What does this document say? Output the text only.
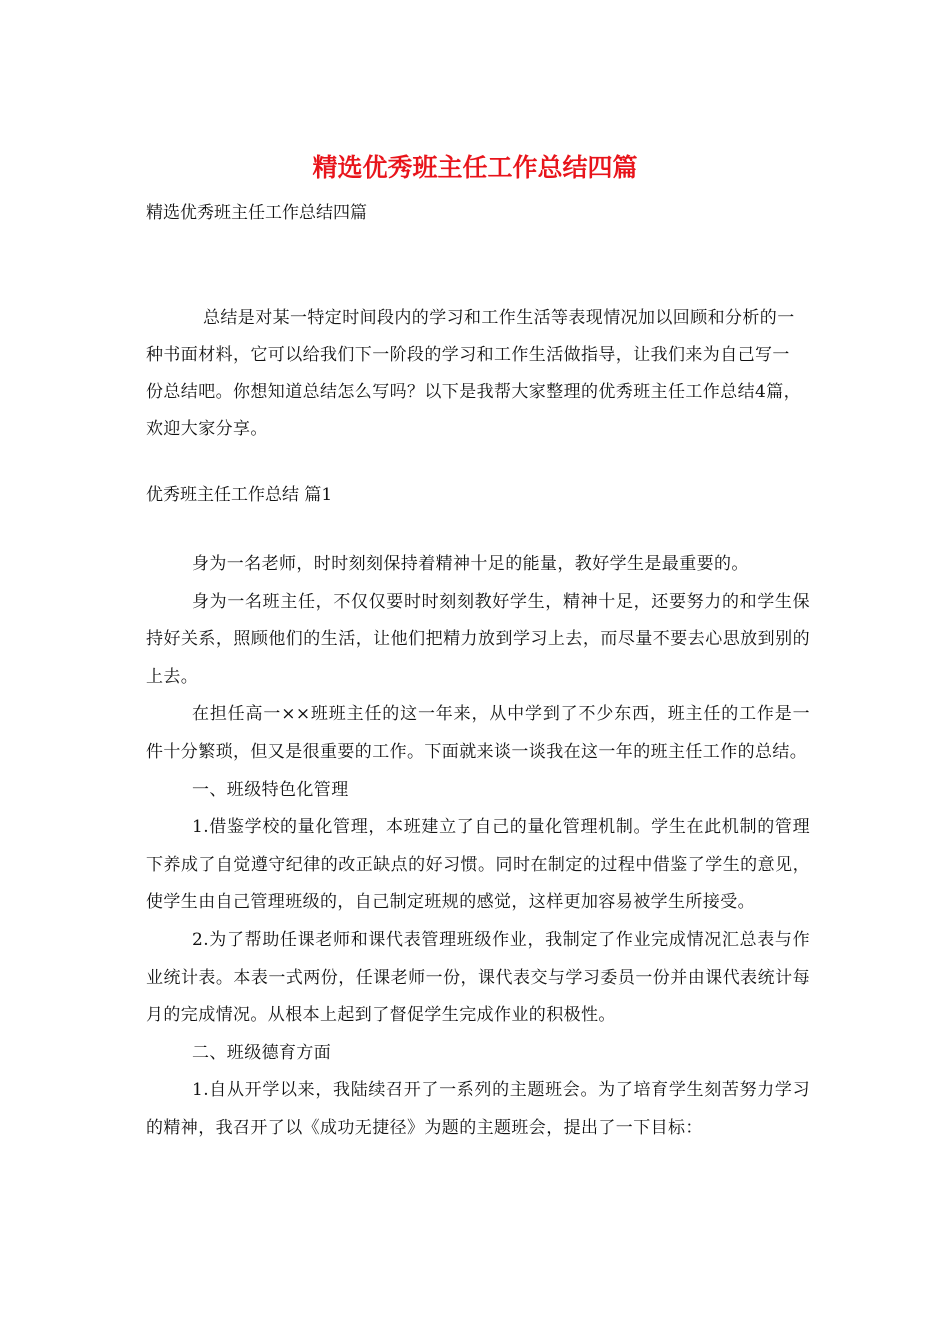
精选优秀班主任工作总结四篇

精选优秀班主任工作总结四篇

总结是对某一特定时间段内的学习和工作生活等表现情况加以回顾和分析的一种书面材料，它可以给我们下一阶段的学习和工作生活做指导，让我们来为自己写一份总结吧。你想知道总结怎么写吗？以下是我帮大家整理的优秀班主任工作总结4篇，欢迎大家分享。

优秀班主任工作总结 篇1

身为一名老师，时时刻刻保持着精神十足的能量，教好学生是最重要的。

身为一名班主任，不仅仅要时时刻刻教好学生，精神十足，还要努力的和学生保持好关系，照顾他们的生活，让他们把精力放到学习上去，而尽量不要去心思放到别的上去。

在担任高一××班班主任的这一年来，从中学到了不少东西，班主任的工作是一件十分繁琐，但又是很重要的工作。下面就来谈一谈我在这一年的班主任工作的总结。

一、班级特色化管理

1.借鉴学校的量化管理，本班建立了自己的量化管理机制。学生在此机制的管理下养成了自觉遵守纪律的改正缺点的好习惯。同时在制定的过程中借鉴了学生的意见，使学生由自己管理班级的，自己制定班规的感觉，这样更加容易被学生所接受。

2.为了帮助任课老师和课代表管理班级作业，我制定了作业完成情况汇总表与作业统计表。本表一式两份，任课老师一份，课代表交与学习委员一份并由课代表统计每月的完成情况。从根本上起到了督促学生完成作业的积极性。

二、班级德育方面

1.自从开学以来，我陆续召开了一系列的主题班会。为了培育学生刻苦努力学习的精神，我召开了以《成功无捷径》为题的主题班会，提出了一下目标：
